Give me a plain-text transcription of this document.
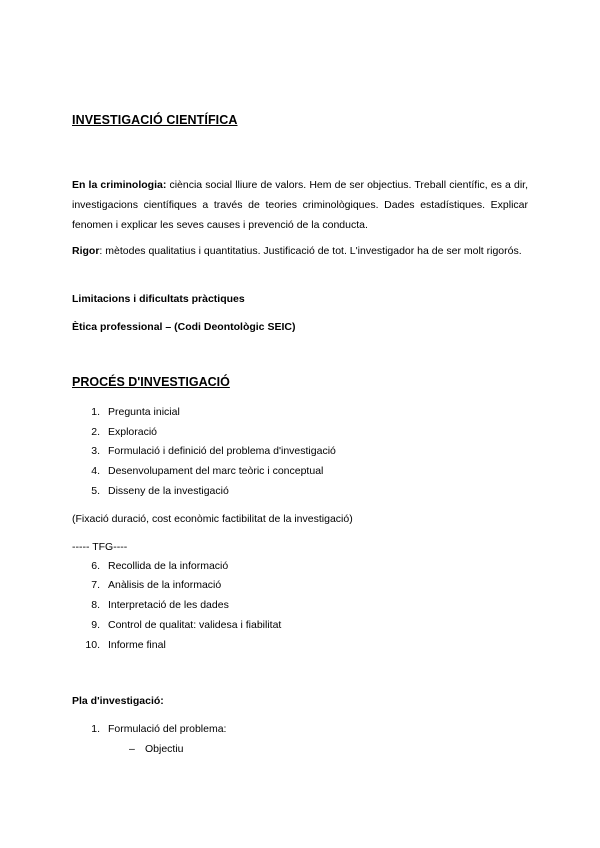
INVESTIGACIÓ CIENTÍFICA
En la criminologia: ciència social lliure de valors. Hem de ser objectius. Treball científic, es a dir, investigacions científiques a través de teories criminològiques. Dades estadístiques. Explicar fenomen i explicar les seves causes i prevenció de la conducta.
Rigor: mètodes qualitatius i quantitatius. Justificació de tot. L'investigador ha de ser molt rigorós.
Limitacions i dificultats pràctiques
Ètica professional – (Codi Deontològic SEIC)
PROCÉS D'INVESTIGACIÓ
1. Pregunta inicial
2. Exploració
3. Formulació i definició del problema d'investigació
4. Desenvolupament del marc teòric i conceptual
5. Disseny de la investigació
(Fixació duració, cost econòmic factibilitat de la investigació)
----- TFG----
6. Recollida de la informació
7. Anàlisis de la informació
8. Interpretació de les dades
9. Control de qualitat: validesa i fiabilitat
10. Informe final
Pla d'investigació:
1. Formulació del problema:
– Objectiu
